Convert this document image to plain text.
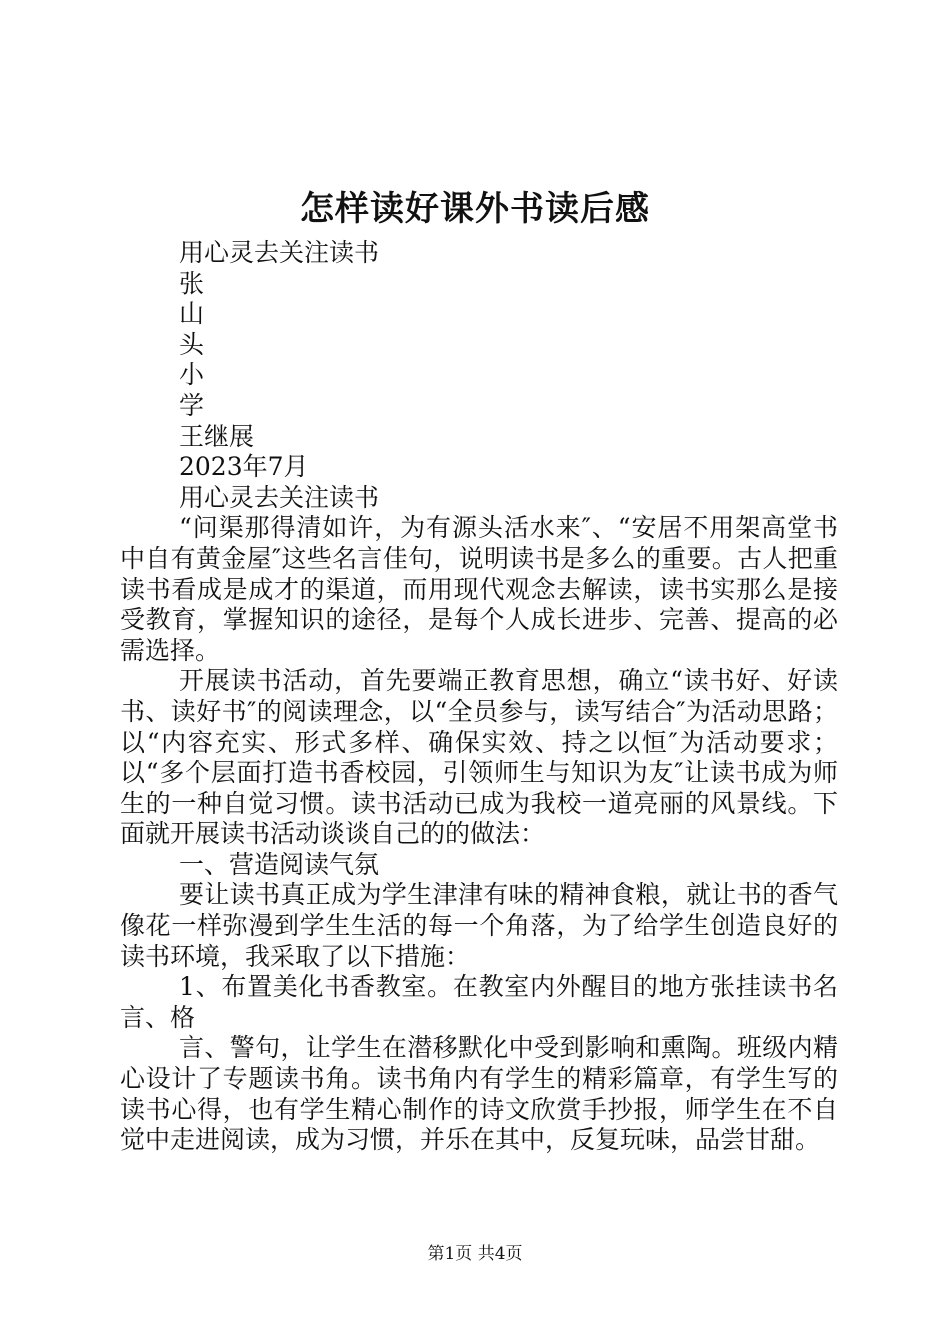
怎样读好课外书读后感

用心灵去关注读书

张

山

头

小

学

王继展

2023年7月

用心灵去关注读书

“问渠那得清如许，为有源头活水来″、“安居不用架高堂书中自有黄金屋″这些名言佳句，说明读书是多么的重要。古人把重读书看成是成才的渠道，而用现代观念去解读，读书实那么是接受教育，掌握知识的途径，是每个人成长进步、完善、提高的必需选择。

开展读书活动，首先要端正教育思想，确立“读书好、好读书、读好书″的阅读理念，以“全员参与，读写结合″为活动思路；以“内容充实、形式多样、确保实效、持之以恒″为活动要求；以“多个层面打造书香校园，引领师生与知识为友″让读书成为师生的一种自觉习惯。读书活动已成为我校一道亮丽的风景线。下面就开展读书活动谈谈自己的的做法：

一、营造阅读气氛

要让读书真正成为学生津津有味的精神食粮，就让书的香气像花一样弥漫到学生生活的每一个角落，为了给学生创造良好的读书环境，我采取了以下措施：

1、布置美化书香教室。在教室内外醒目的地方张挂读书名言、格

言、警句，让学生在潜移默化中受到影响和熏陶。班级内精心设计了专题读书角。读书角内有学生的精彩篇章，有学生写的读书心得，也有学生精心制作的诗文欣赏手抄报，师学生在不自觉中走进阅读，成为习惯，并乐在其中，反复玩味，品尝甘甜。

第1页 共4页
